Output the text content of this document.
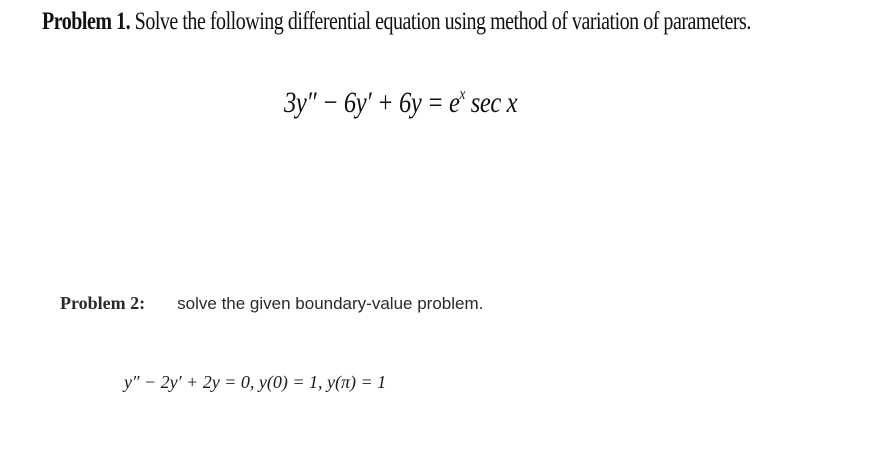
Problem 1. Solve the following differential equation using method of variation of parameters.
$3y'' - 6y' + 6y = e^x$ sec x
Problem 2: solve the given boundary-value problem.
y″ − 2y′ + 2y = 0, y(0) = 1, y(π) = 1
